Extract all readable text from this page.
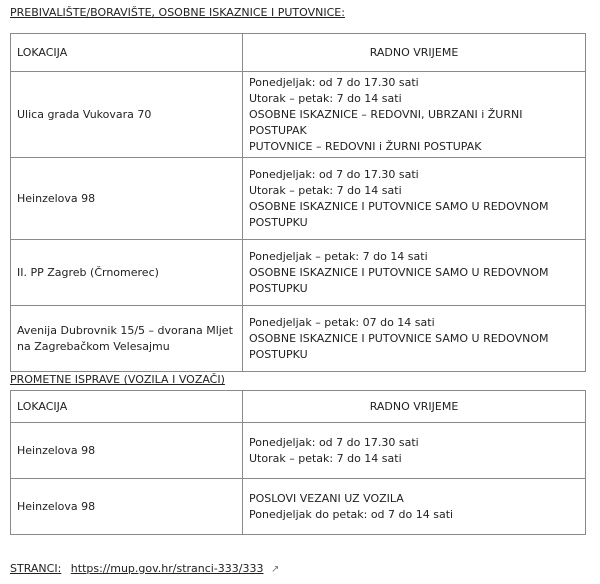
PREBIVALIŠTE/BORAVIŠTE, OSOBNE ISKAZNICE I PUTOVNICE:
LOKACIJA	RADNO VRIJEME
Ulica grada Vukovara 70	Ponedjeljak: od 7 do 17.30 sati
Utorak – petak: 7 do 14 sati
OSOBNE ISKAZNICE – REDOVNI, UBRZANI i ŽURNI POSTUPAK
PUTOVNICE – REDOVNI i ŽURNI POSTUPAK

Heinzelova 98	Ponedjeljak: od 7 do 17.30 sati
Utorak – petak: 7 do 14 sati
OSOBNE ISKAZNICE I PUTOVNICE SAMO U REDOVNOM
POSTUPKU

II. PP Zagreb (Črnomerec)	Ponedjeljak – petak: 7 do 14 sati
OSOBNE ISKAZNICE I PUTOVNICE SAMO U REDOVNOM
POSTUPKU

Avenija Dubrovnik 15/5 – dvorana Mljet
na Zagrebačkom Velesajmu	Ponedjeljak – petak: 07 do 14 sati
OSOBNE ISKAZNICE I PUTOVNICE SAMO U REDOVNOM
POSTUPKU
PROMETNE ISPRAVE (VOZILA I VOZAČI)
LOKACIJA	RADNO VRIJEME
Heinzelova 98	Ponedjeljak: od 7 do 17.30 sati
Utorak – petak: 7 do 14 sati

Heinzelova 98	POSLOVI VEZANI UZ VOZILA
Ponedjeljak do petak: od 7 do 14 sati
STRANCI: https://mup.gov.hr/stranci-333/333 ↗
